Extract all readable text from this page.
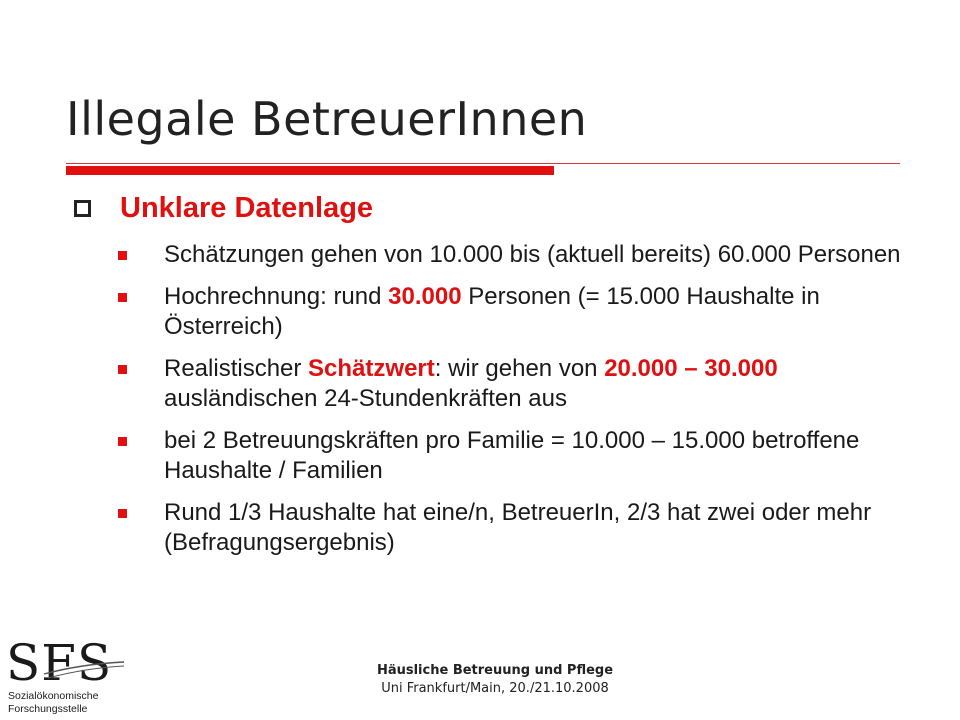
Illegale BetreuerInnen
Unklare Datenlage
Schätzungen gehen von 10.000 bis (aktuell bereits) 60.000 Personen
Hochrechnung: rund 30.000 Personen (= 15.000 Haushalte in Österreich)
Realistischer Schätzwert: wir gehen von 20.000 – 30.000 ausländischen 24-Stundenkräften aus
bei 2 Betreuungskräften pro Familie = 10.000 – 15.000 betroffene Haushalte / Familien
Rund 1/3 Haushalte hat eine/n, BetreuerIn, 2/3 hat zwei oder mehr (Befragungsergebnis)
SFS
Sozialökonomische
Forschungsstelle
Häusliche Betreuung und Pflege
Uni Frankfurt/Main, 20./21.10.2008
